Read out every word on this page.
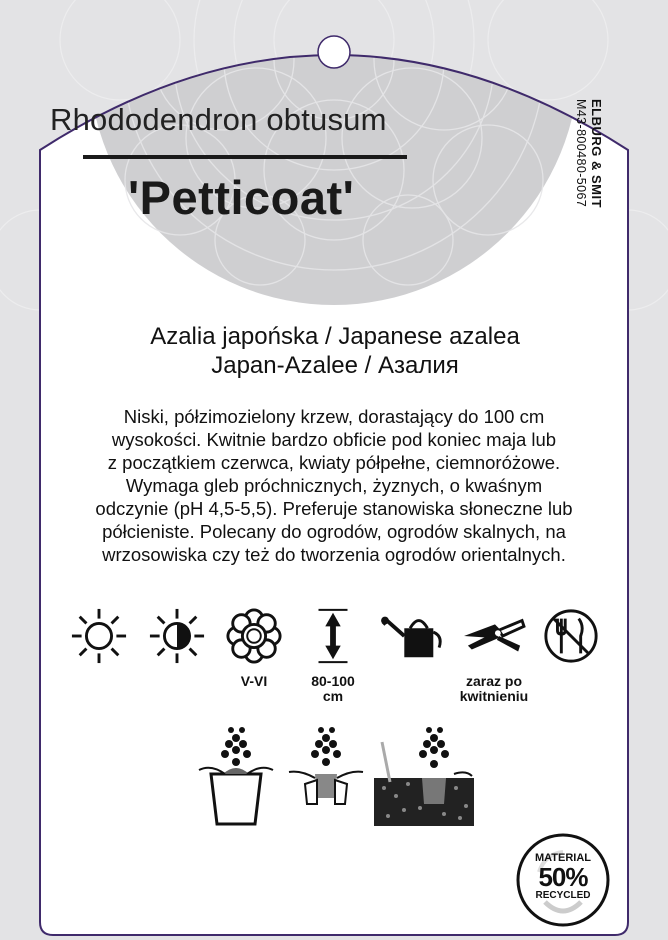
Rhododendron obtusum
'Petticoat'	ELBURG & SMIT
M43-800480-5067
Azalia japońska / Japanese azalea
Japan-Azalee / Азалия
Niski, półzimozielony krzew, dorastający do 100 cm
wysokości. Kwitnie bardzo obficie pod koniec maja lub
z początkiem czerwca, kwiaty półpełne, ciemnoróżowe.
Wymaga gleb próchnicznych, żyznych, o kwaśnym
odczynie (pH 4,5-5,5). Preferuje stanowiska słoneczne lub
półcieniste. Polecany do ogrodów, ogrodów skalnych, na
wrzosowiska czy też do tworzenia ogrodów orientalnych.
V-VI	80-100
cm
zaraz po
kwitnieniu
MATERIAL
50%
RECYCLED
